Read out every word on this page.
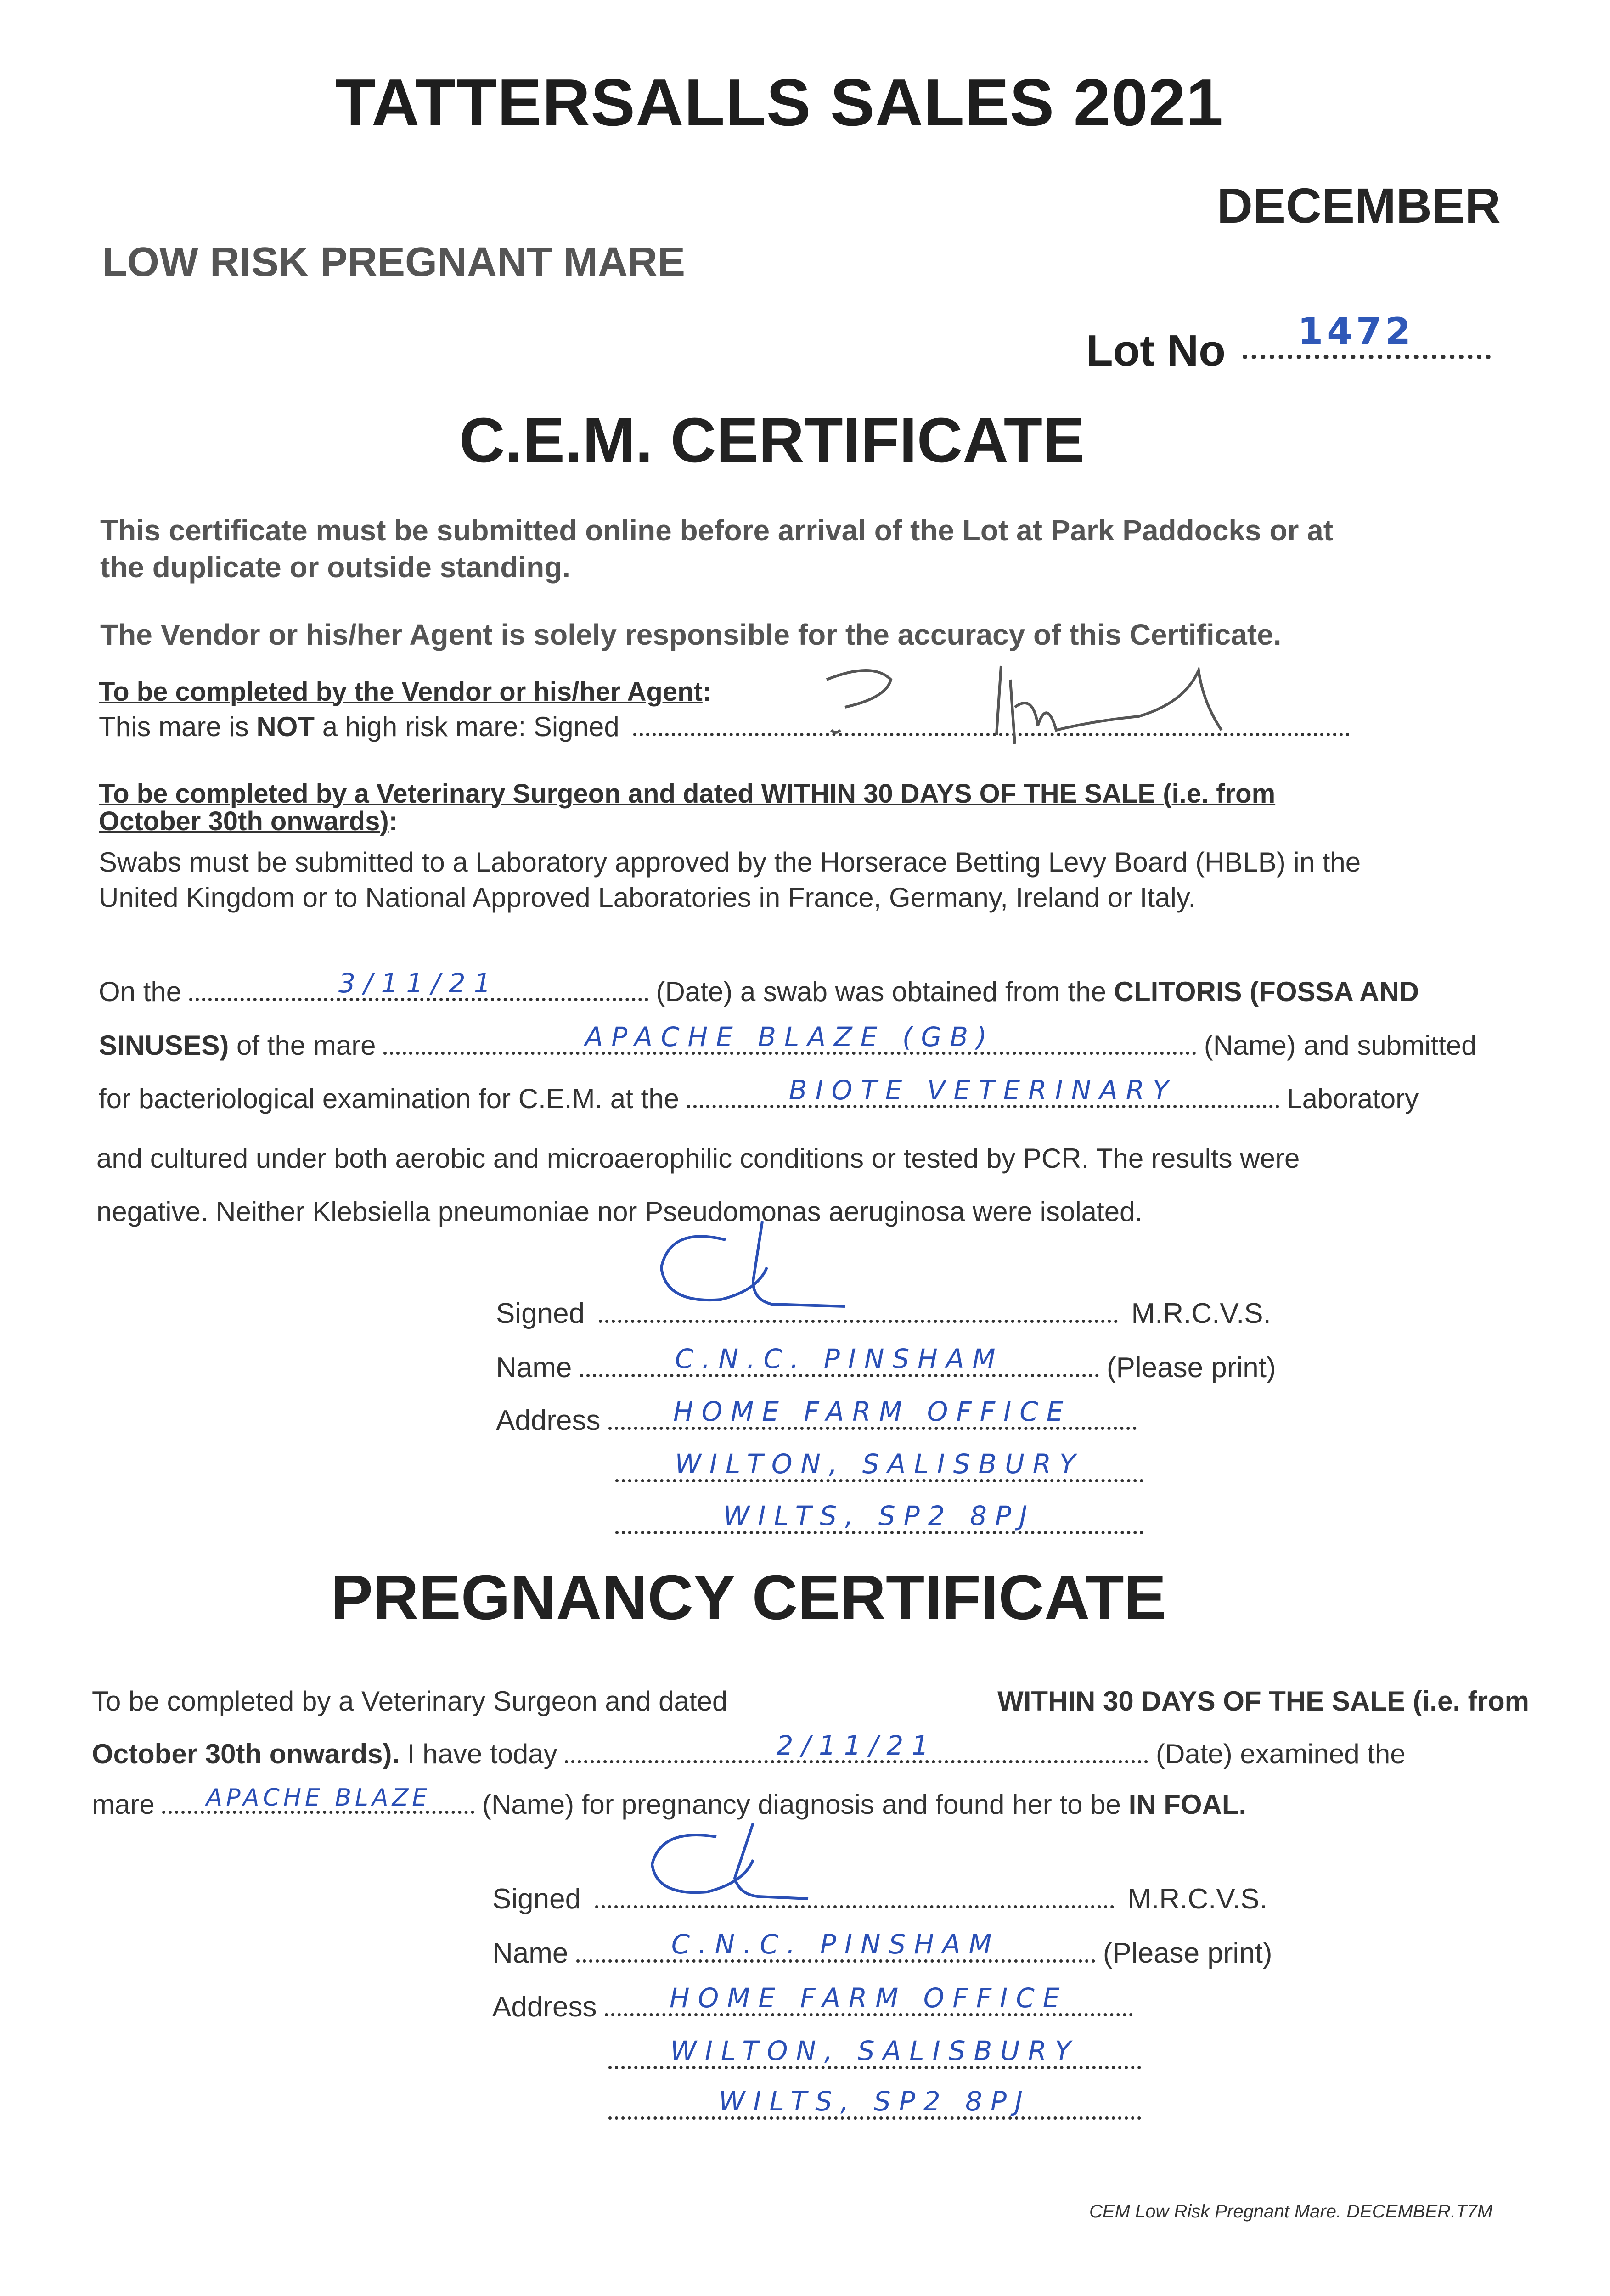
TATTERSALLS SALES 2021
DECEMBER
LOW RISK PREGNANT MARE
Lot No 1472
C.E.M. CERTIFICATE
This certificate must be submitted online before arrival of the Lot at Park Paddocks or at
the duplicate or outside standing.
The Vendor or his/her Agent is solely responsible for the accuracy of this Certificate.
To be completed by the Vendor or his/her Agent:
This mare is NOT a high risk mare: Signed
To be completed by a Veterinary Surgeon and dated WITHIN 30 DAYS OF THE SALE (i.e. from
October 30th onwards):
Swabs must be submitted to a Laboratory approved by the Horserace Betting Levy Board (HBLB) in the
United Kingdom or to National Approved Laboratories in France, Germany, Ireland or Italy.
On the	3/11/21	(Date) a swab was obtained from the CLITORIS (FOSSA AND
SINUSES) of the mare	APACHE BLAZE (GB)	(Name) and submitted
for bacteriological examination for C.E.M. at the	BIOTE VETERINARY	Laboratory
and cultured under both aerobic and microaerophilic conditions or tested by PCR. The results were
negative. Neither Klebsiella pneumoniae nor Pseudomonas aeruginosa were isolated.
Signed	M.R.C.V.S.
Name	C.N.C. PINSHAM	(Please print)
Address	HOME FARM OFFICE
WILTON, SALISBURY
WILTS, SP2 8PJ
PREGNANCY CERTIFICATE
To be completed by a Veterinary Surgeon and dated	WITHIN 30 DAYS OF THE SALE (i.e. from
October 30th onwards). I have today	2/11/21	(Date) examined the
mare	APACHE BLAZE	(Name) for pregnancy diagnosis and found her to be IN FOAL.
Signed	M.R.C.V.S.
Name	C.N.C. PINSHAM	(Please print)
Address	HOME FARM OFFICE
WILTON, SALISBURY
WILTS, SP2 8PJ
CEM Low Risk Pregnant Mare. DECEMBER.T7M
